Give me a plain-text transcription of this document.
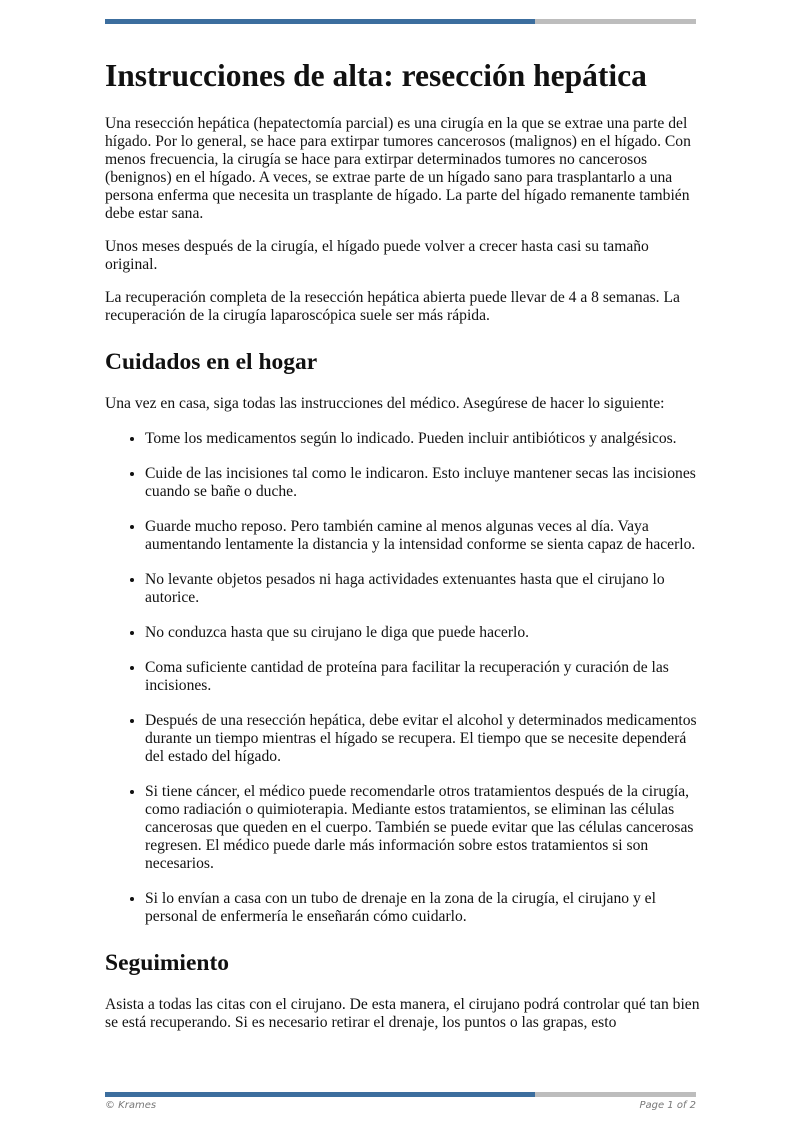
Instrucciones de alta: resección hepática

Una resección hepática (hepatectomía parcial) es una cirugía en la que se extrae una parte del hígado. Por lo general, se hace para extirpar tumores cancerosos (malignos) en el hígado. Con menos frecuencia, la cirugía se hace para extirpar determinados tumores no cancerosos (benignos) en el hígado. A veces, se extrae parte de un hígado sano para trasplantarlo a una persona enferma que necesita un trasplante de hígado. La parte del hígado remanente también debe estar sana.

Unos meses después de la cirugía, el hígado puede volver a crecer hasta casi su tamaño original.

La recuperación completa de la resección hepática abierta puede llevar de 4 a 8 semanas. La recuperación de la cirugía laparoscópica suele ser más rápida.

Cuidados en el hogar

Una vez en casa, siga todas las instrucciones del médico. Asegúrese de hacer lo siguiente:

• Tome los medicamentos según lo indicado. Pueden incluir antibióticos y analgésicos.
• Cuide de las incisiones tal como le indicaron. Esto incluye mantener secas las incisiones cuando se bañe o duche.
• Guarde mucho reposo. Pero también camine al menos algunas veces al día. Vaya aumentando lentamente la distancia y la intensidad conforme se sienta capaz de hacerlo.
• No levante objetos pesados ni haga actividades extenuantes hasta que el cirujano lo autorice.
• No conduzca hasta que su cirujano le diga que puede hacerlo.
• Coma suficiente cantidad de proteína para facilitar la recuperación y curación de las incisiones.
• Después de una resección hepática, debe evitar el alcohol y determinados medicamentos durante un tiempo mientras el hígado se recupera. El tiempo que se necesite dependerá del estado del hígado.
• Si tiene cáncer, el médico puede recomendarle otros tratamientos después de la cirugía, como radiación o quimioterapia. Mediante estos tratamientos, se eliminan las células cancerosas que queden en el cuerpo. También se puede evitar que las células cancerosas regresen. El médico puede darle más información sobre estos tratamientos si son necesarios.
• Si lo envían a casa con un tubo de drenaje en la zona de la cirugía, el cirujano y el personal de enfermería le enseñarán cómo cuidarlo.
Seguimiento

Asista a todas las citas con el cirujano. De esta manera, el cirujano podrá controlar qué tan bien se está recuperando. Si es necesario retirar el drenaje, los puntos o las grapas, esto

© Krames	Page 1 of 2
